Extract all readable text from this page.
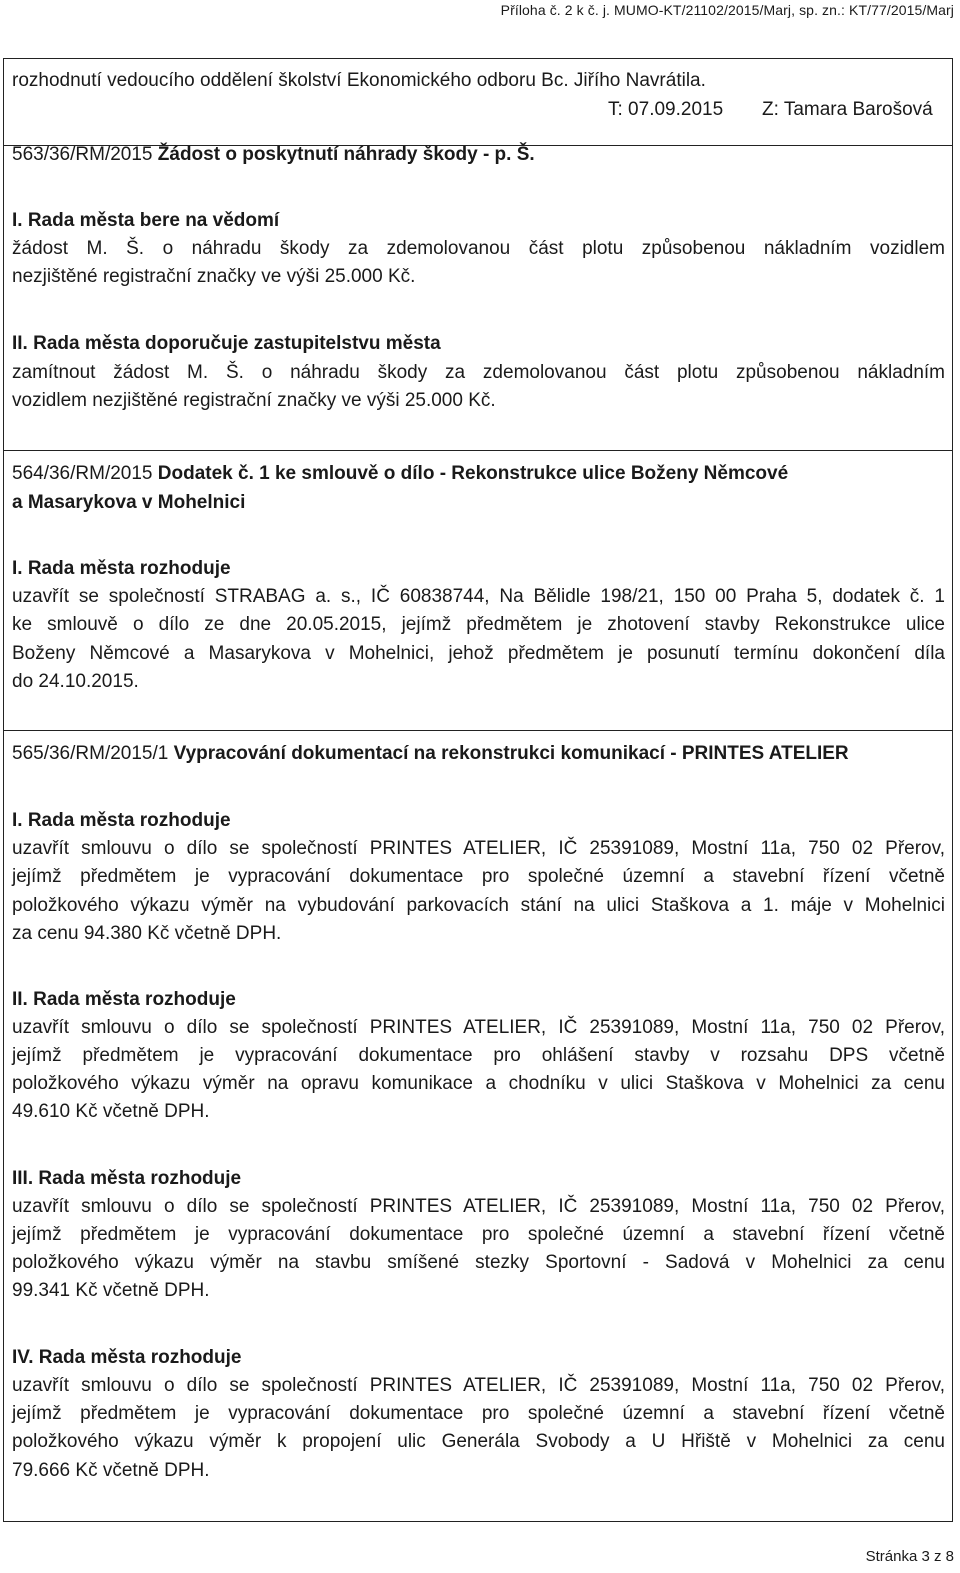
Příloha č. 2 k č. j. MUMO-KT/21102/2015/Marj, sp. zn.: KT/77/2015/Marj
rozhodnutí vedoucího oddělení školství Ekonomického odboru Bc. Jiřího Navrátila.
T: 07.09.2015 Z: Tamara Barošová
563/36/RM/2015 Žádost o poskytnutí náhrady škody - p. Š.
I. Rada města bere na vědomí
žádost M. Š. o náhradu škody za zdemolovanou část plotu způsobenou nákladním vozidlem
nezjištěné registrační značky ve výši 25.000 Kč.
II. Rada města doporučuje zastupitelstvu města
zamítnout žádost M. Š. o náhradu škody za zdemolovanou část plotu způsobenou nákladním
vozidlem nezjištěné registrační značky ve výši 25.000 Kč.
564/36/RM/2015 Dodatek č. 1 ke smlouvě o dílo - Rekonstrukce ulice Boženy Němcové
a Masarykova v Mohelnici
I. Rada města rozhoduje
uzavřít se společností STRABAG a. s., IČ 60838744, Na Bělidle 198/21, 150 00 Praha 5, dodatek č. 1
ke smlouvě o dílo ze dne 20.05.2015, jejímž předmětem je zhotovení stavby Rekonstrukce ulice
Boženy Němcové a Masarykova v Mohelnici, jehož předmětem je posunutí termínu dokončení díla
do 24.10.2015.
565/36/RM/2015/1 Vypracování dokumentací na rekonstrukci komunikací - PRINTES ATELIER
I. Rada města rozhoduje
uzavřít smlouvu o dílo se společností PRINTES ATELIER, IČ 25391089, Mostní 11a, 750 02 Přerov,
jejímž předmětem je vypracování dokumentace pro společné územní a stavební řízení včetně
položkového výkazu výměr na vybudování parkovacích stání na ulici Staškova a 1. máje v Mohelnici
za cenu 94.380 Kč včetně DPH.
II. Rada města rozhoduje
uzavřít smlouvu o dílo se společností PRINTES ATELIER, IČ 25391089, Mostní 11a, 750 02 Přerov,
jejímž předmětem je vypracování dokumentace pro ohlášení stavby v rozsahu DPS včetně
položkového výkazu výměr na opravu komunikace a chodníku v ulici Staškova v Mohelnici za cenu
49.610 Kč včetně DPH.
III. Rada města rozhoduje
uzavřít smlouvu o dílo se společností PRINTES ATELIER, IČ 25391089, Mostní 11a, 750 02 Přerov,
jejímž předmětem je vypracování dokumentace pro společné územní a stavební řízení včetně
položkového výkazu výměr na stavbu smíšené stezky Sportovní - Sadová v Mohelnici za cenu
99.341 Kč včetně DPH.
IV. Rada města rozhoduje
uzavřít smlouvu o dílo se společností PRINTES ATELIER, IČ 25391089, Mostní 11a, 750 02 Přerov,
jejímž předmětem je vypracování dokumentace pro společné územní a stavební řízení včetně
položkového výkazu výměr k propojení ulic Generála Svobody a U Hřiště v Mohelnici za cenu
79.666 Kč včetně DPH.
Stránka 3 z 8
